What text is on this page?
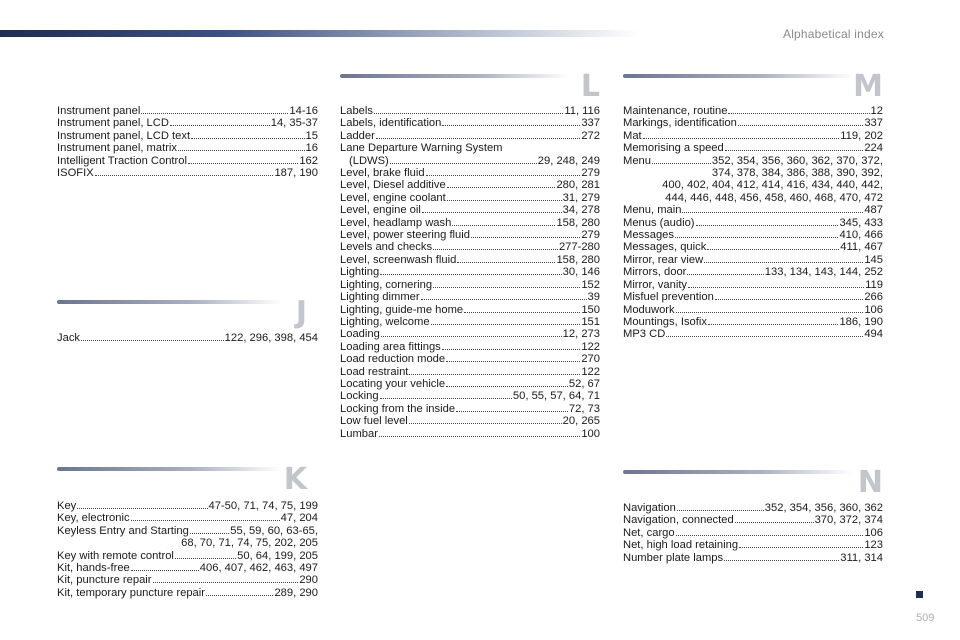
Alphabetical index
Instrument panel	14-16
Instrument panel, LCD	14, 35-37
Instrument panel, LCD text	15
Instrument panel, matrix	16
Intelligent Traction Control	162
ISOFIX	187, 190
J
Jack	122, 296, 398, 454
K
Key	47-50, 71, 74, 75, 199
Key, electronic	47, 204
Keyless Entry and Starting	55, 59, 60, 63-65,
68, 70, 71, 74, 75, 202, 205
Key with remote control	50, 64, 199, 205
Kit, hands-free	406, 407, 462, 463, 497
Kit, puncture repair	290
Kit, temporary puncture repair	289, 290
L
Labels	11, 116
Labels, identification	337
Ladder	272
Lane Departure Warning System
(LDWS)	29, 248, 249
Level, brake fluid	279
Level, Diesel additive	280, 281
Level, engine coolant	31, 279
Level, engine oil	34, 278
Level, headlamp wash	158, 280
Level, power steering fluid	279
Levels and checks	277-280
Level, screenwash fluid	158, 280
Lighting	30, 146
Lighting, cornering	152
Lighting dimmer	39
Lighting, guide-me home	150
Lighting, welcome	151
Loading	12, 273
Loading area fittings	122
Load reduction mode	270
Load restraint	122
Locating your vehicle	52, 67
Locking	50, 55, 57, 64, 71
Locking from the inside	72, 73
Low fuel level	20, 265
Lumbar	100
M
Maintenance, routine	12
Markings, identification	337
Mat	119, 202
Memorising a speed	224
Menu	352, 354, 356, 360, 362, 370, 372,
374, 378, 384, 386, 388, 390, 392,
400, 402, 404, 412, 414, 416, 434, 440, 442,
444, 446, 448, 456, 458, 460, 468, 470, 472
Menu, main	487
Menus (audio)	345, 433
Messages	410, 466
Messages, quick	411, 467
Mirror, rear view	145
Mirrors, door	133, 134, 143, 144, 252
Mirror, vanity	119
Misfuel prevention	266
Moduwork	106
Mountings, Isofix	186, 190
MP3 CD	494
N
Navigation	352, 354, 356, 360, 362
Navigation, connected	370, 372, 374
Net, cargo	106
Net, high load retaining	123
Number plate lamps	311, 314
509
